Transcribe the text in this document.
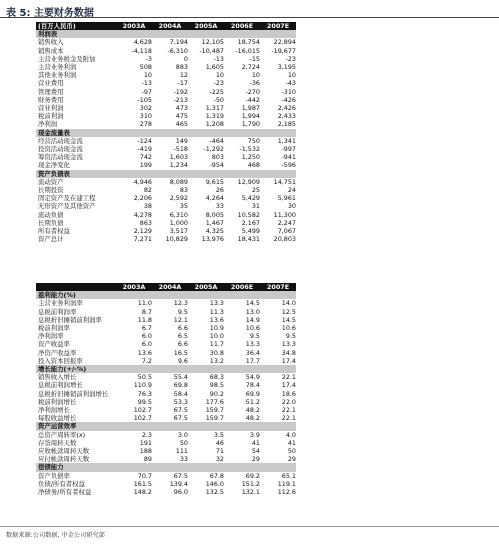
表 5: 主要财务数据
(百万人民币)	2003A	2004A	2005A	2006E	2007E
利润表					
销售收入	4,628	7,194	12,105	18,754	22,894
销售成本	-4,118	-6,310	-10,487	-16,015	-19,677
主营业务税金及附加	-3	0	-13	-15	-23
主营业务利润	508	883	1,605	2,724	3,195
其他业务利润	10	12	10	10	10
营业费用	-13	-17	-23	-36	-43
管理费用	-97	-192	-225	-270	-310
财务费用	-105	-213	-50	-442	-426
营业利润	302	473	1,317	1,987	2,426
税前利润	310	475	1,319	1,994	2,433
净利润	278	465	1,208	1,790	2,185
现金流量表					
经营活动现金流	-124	149	-464	750	1,341
投资活动现金流	-419	-518	-1,292	-1,532	-997
筹资活动现金流	742	1,603	803	1,250	-941
现金净变化	199	1,234	-954	468	-596
资产负债表					
流动资产	4,946	8,089	9,615	12,909	14,751
长期投资	82	83	26	25	24
固定资产及在建工程	2,206	2,592	4,264	5,429	5,961
无形资产及其他资产	38	35	33	31	30
流动负债	4,278	6,310	8,005	10,582	11,300
长期负债	863	1,000	1,467	2,167	2,247
所有者权益	2,129	3,517	4,325	5,499	7,067
资产总计	7,271	10,829	13,976	18,431	20,803
	2003A	2004A	2005A	2006E	2007E
盈利能力(%)					
主营业务利润率	11.0	12.3	13.3	14.5	14.0
息税前利润率	8.7	9.5	11.3	13.0	12.5
息税折旧摊销前利润率	11.8	12.1	13.6	14.9	14.5
税前利润率	6.7	6.6	10.9	10.6	10.6
净利润率	6.0	6.5	10.0	9.5	9.5
资产收益率	6.0	6.6	11.7	13.3	13.3
净资产收益率	13.6	16.5	30.8	36.4	34.8
投入资本回报率	7.2	9.6	13.2	17.7	17.4
增长能力(+/-%)					
销售收入增长	50.5	55.4	68.3	54.9	22.1
息税前利润增长	110.9	69.8	98.5	78.4	17.4
息税折旧摊销前利润增长	76.3	58.4	90.2	69.9	18.6
税前利润增长	99.5	53.3	177.6	51.2	22.0
净利润增长	102.7	67.5	159.7	48.2	22.1
每股收益增长	102.7	67.5	159.7	48.2	22.1
资产运营效率					
总资产周转率(x)	2.3	3.0	3.5	3.9	4.0
存货周转天数	191	50	46	41	41
应收帐款周转天数	188	111	71	54	50
应付帐款周转天数	89	33	32	29	29
偿债能力					
资产负债率	70.7	67.5	67.8	69.2	65.1
负债/所有者权益	161.5	139.4	146.0	151.2	119.1
净债务/所有者权益	148.2	96.0	132.5	132.1	112.6
数据来源:公司数据, 中金公司研究部
